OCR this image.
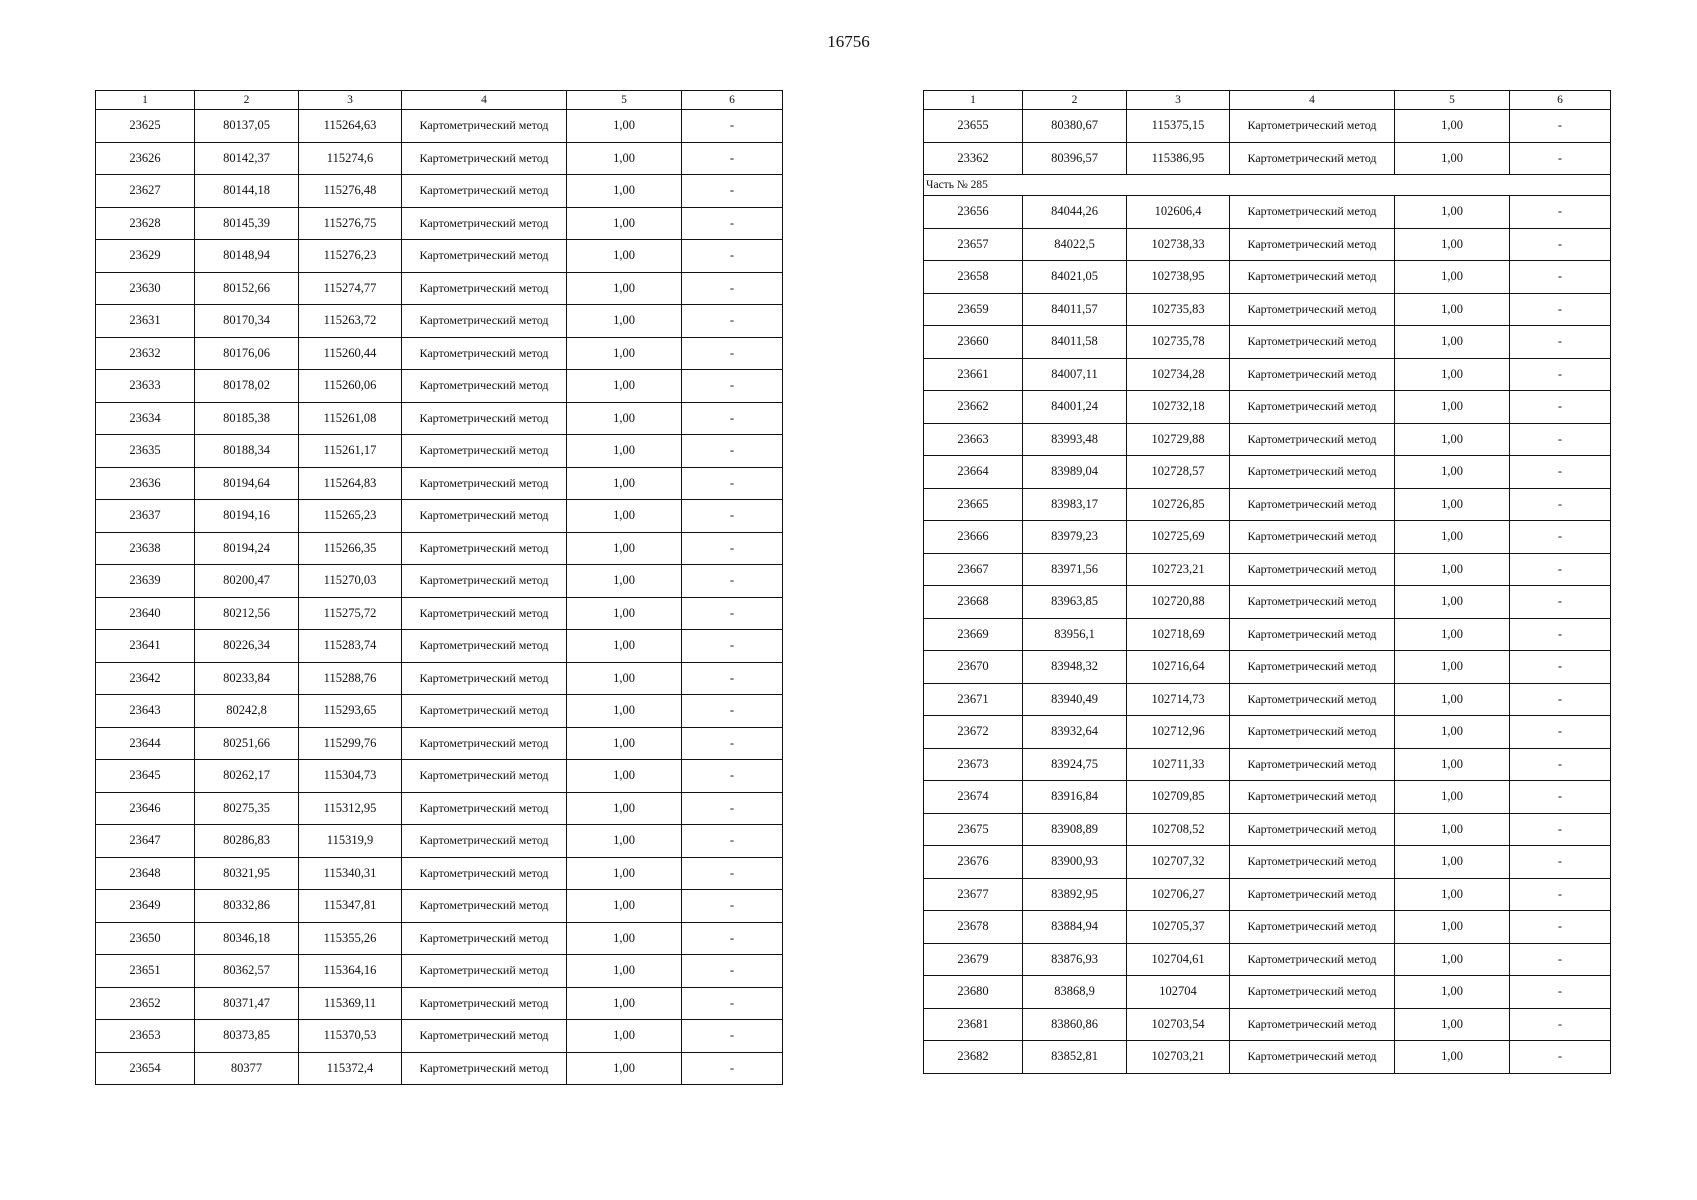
16756
1	2	3	4	5	6
23625	80137,05	115264,63	Картометрический метод	1,00	-
23626	80142,37	115274,6	Картометрический метод	1,00	-
23627	80144,18	115276,48	Картометрический метод	1,00	-
23628	80145,39	115276,75	Картометрический метод	1,00	-
23629	80148,94	115276,23	Картометрический метод	1,00	-
23630	80152,66	115274,77	Картометрический метод	1,00	-
23631	80170,34	115263,72	Картометрический метод	1,00	-
23632	80176,06	115260,44	Картометрический метод	1,00	-
23633	80178,02	115260,06	Картометрический метод	1,00	-
23634	80185,38	115261,08	Картометрический метод	1,00	-
23635	80188,34	115261,17	Картометрический метод	1,00	-
23636	80194,64	115264,83	Картометрический метод	1,00	-
23637	80194,16	115265,23	Картометрический метод	1,00	-
23638	80194,24	115266,35	Картометрический метод	1,00	-
23639	80200,47	115270,03	Картометрический метод	1,00	-
23640	80212,56	115275,72	Картометрический метод	1,00	-
23641	80226,34	115283,74	Картометрический метод	1,00	-
23642	80233,84	115288,76	Картометрический метод	1,00	-
23643	80242,8	115293,65	Картометрический метод	1,00	-
23644	80251,66	115299,76	Картометрический метод	1,00	-
23645	80262,17	115304,73	Картометрический метод	1,00	-
23646	80275,35	115312,95	Картометрический метод	1,00	-
23647	80286,83	115319,9	Картометрический метод	1,00	-
23648	80321,95	115340,31	Картометрический метод	1,00	-
23649	80332,86	115347,81	Картометрический метод	1,00	-
23650	80346,18	115355,26	Картометрический метод	1,00	-
23651	80362,57	115364,16	Картометрический метод	1,00	-
23652	80371,47	115369,11	Картометрический метод	1,00	-
23653	80373,85	115370,53	Картометрический метод	1,00	-
23654	80377	115372,4	Картометрический метод	1,00	-
1	2	3	4	5	6
23655	80380,67	115375,15	Картометрический метод	1,00	-
23362	80396,57	115386,95	Картометрический метод	1,00	-
Часть № 285					
23656	84044,26	102606,4	Картометрический метод	1,00	-
23657	84022,5	102738,33	Картометрический метод	1,00	-
23658	84021,05	102738,95	Картометрический метод	1,00	-
23659	84011,57	102735,83	Картометрический метод	1,00	-
23660	84011,58	102735,78	Картометрический метод	1,00	-
23661	84007,11	102734,28	Картометрический метод	1,00	-
23662	84001,24	102732,18	Картометрический метод	1,00	-
23663	83993,48	102729,88	Картометрический метод	1,00	-
23664	83989,04	102728,57	Картометрический метод	1,00	-
23665	83983,17	102726,85	Картометрический метод	1,00	-
23666	83979,23	102725,69	Картометрический метод	1,00	-
23667	83971,56	102723,21	Картометрический метод	1,00	-
23668	83963,85	102720,88	Картометрический метод	1,00	-
23669	83956,1	102718,69	Картометрический метод	1,00	-
23670	83948,32	102716,64	Картометрический метод	1,00	-
23671	83940,49	102714,73	Картометрический метод	1,00	-
23672	83932,64	102712,96	Картометрический метод	1,00	-
23673	83924,75	102711,33	Картометрический метод	1,00	-
23674	83916,84	102709,85	Картометрический метод	1,00	-
23675	83908,89	102708,52	Картометрический метод	1,00	-
23676	83900,93	102707,32	Картометрический метод	1,00	-
23677	83892,95	102706,27	Картометрический метод	1,00	-
23678	83884,94	102705,37	Картометрический метод	1,00	-
23679	83876,93	102704,61	Картометрический метод	1,00	-
23680	83868,9	102704	Картометрический метод	1,00	-
23681	83860,86	102703,54	Картометрический метод	1,00	-
23682	83852,81	102703,21	Картометрический метод	1,00	-
